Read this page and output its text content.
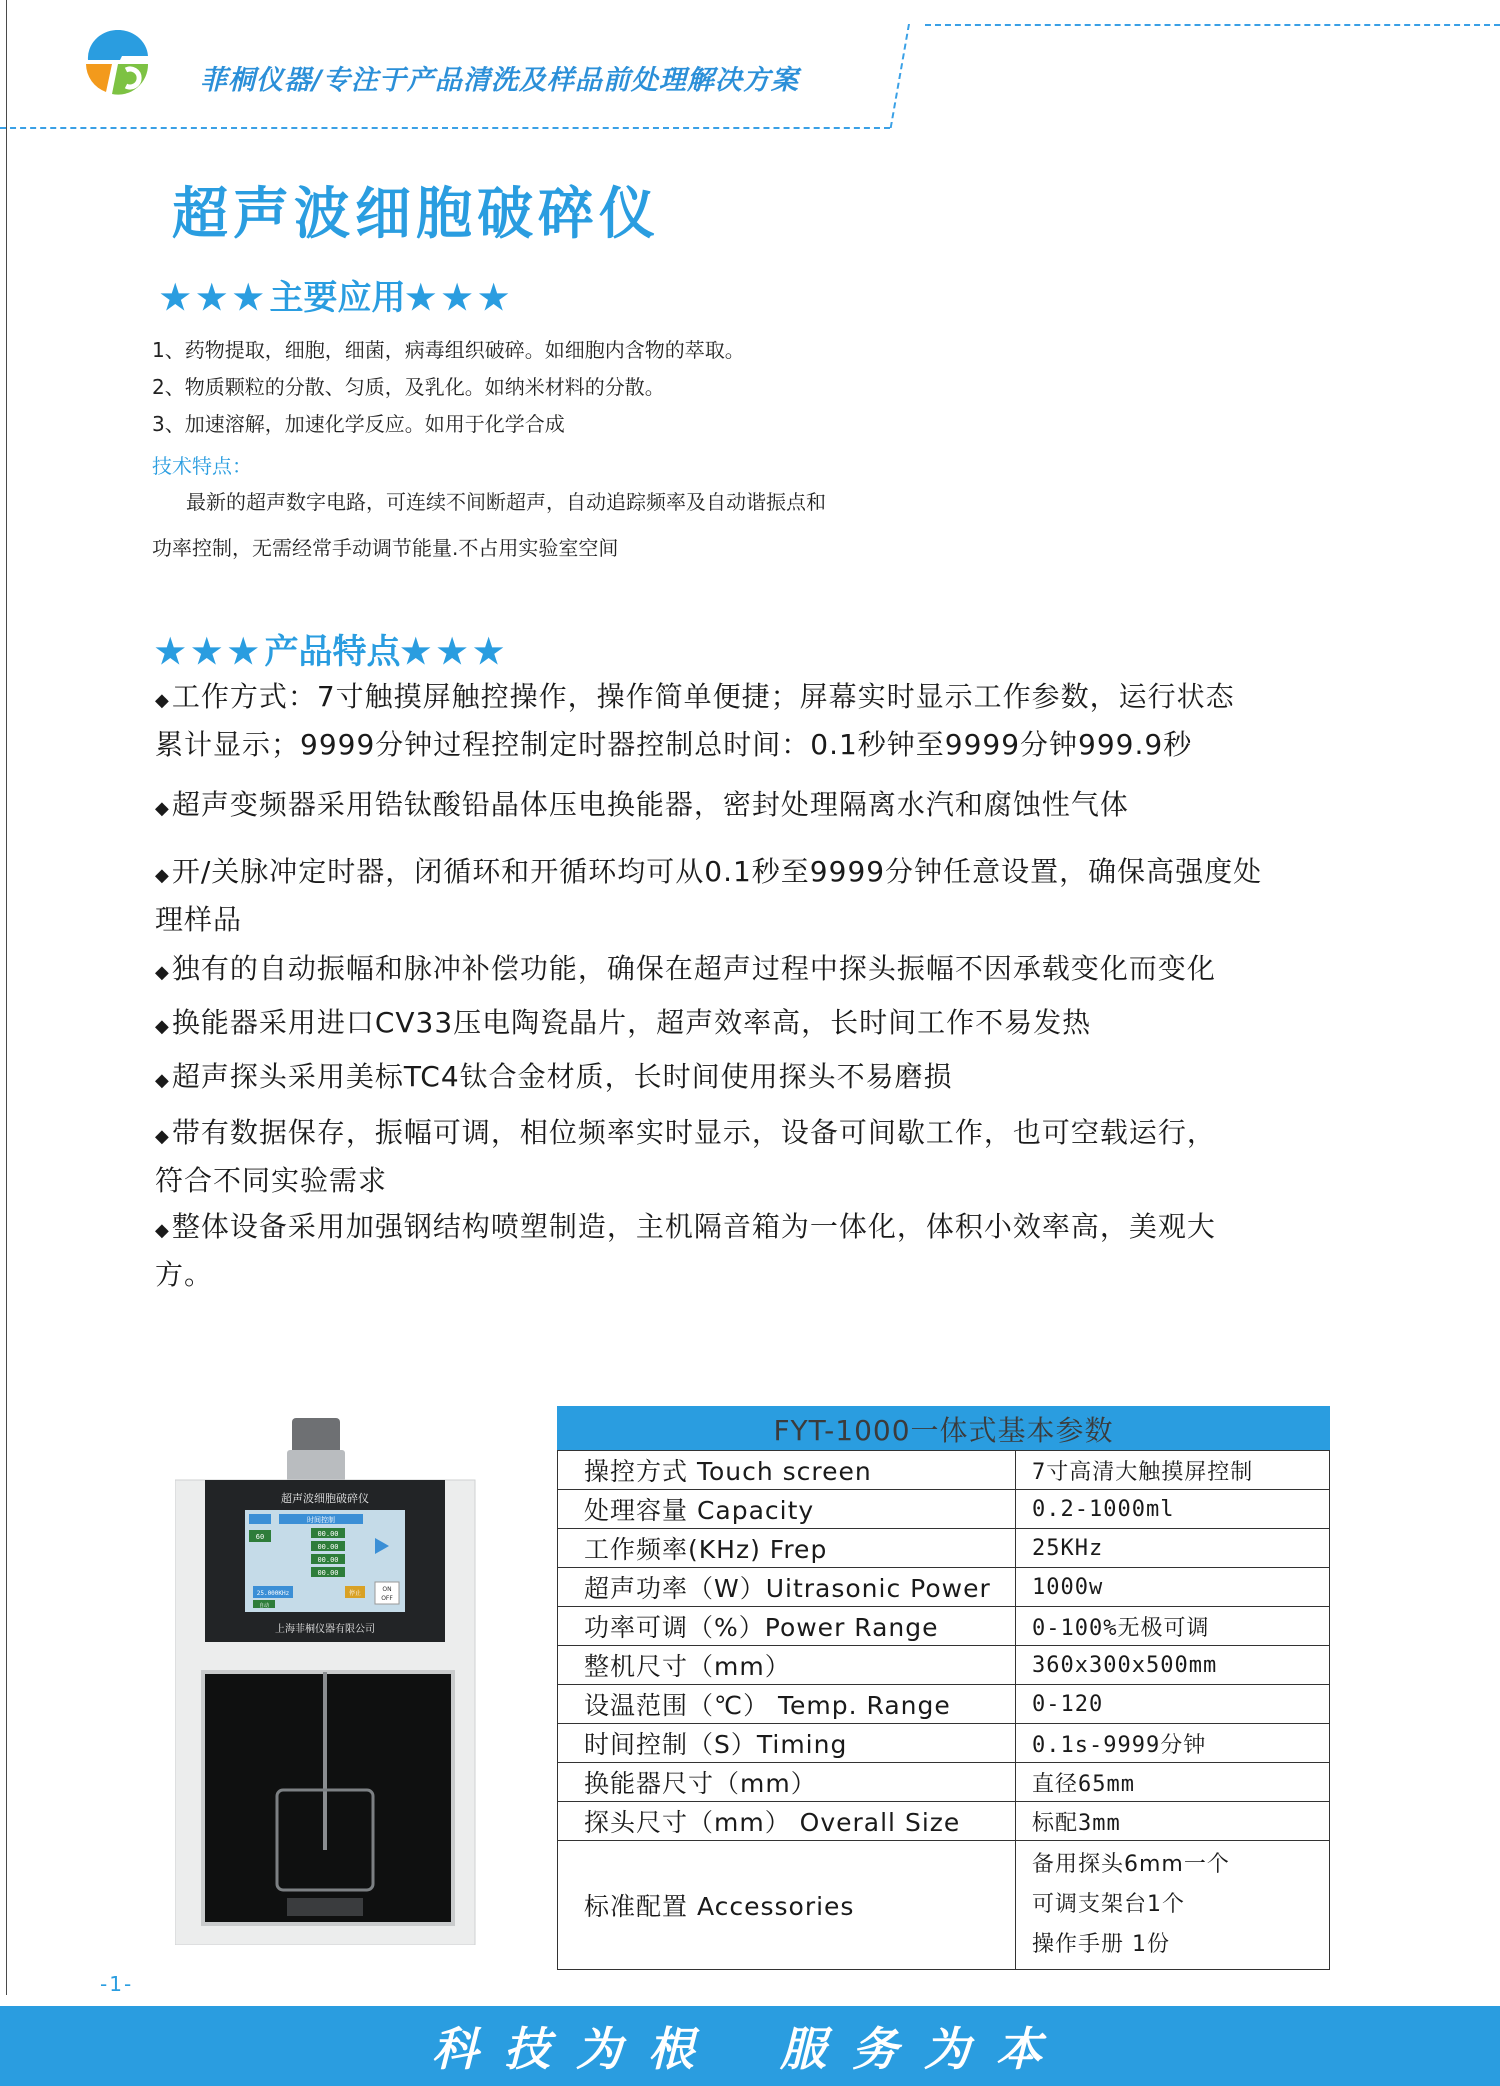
菲桐仪器/专注于产品清洗及样品前处理解决方案
超声波细胞破碎仪
★★★主要应用★★★
1、药物提取，细胞，细菌，病毒组织破碎。如细胞内含物的萃取。
2、物质颗粒的分散、匀质，及乳化。如纳米材料的分散。
3、加速溶解，加速化学反应。如用于化学合成
技术特点：
最新的超声数字电路，可连续不间断超声，自动追踪频率及自动谐振点和
功率控制，无需经常手动调节能量.不占用实验室空间
★★★产品特点★★★
◆工作方式：7寸触摸屏触控操作，操作简单便捷；屏幕实时显示工作参数，运行状态
累计显示；9999分钟过程控制定时器控制总时间：0.1秒钟至9999分钟999.9秒
◆超声变频器采用锆钛酸铅晶体压电换能器，密封处理隔离水汽和腐蚀性气体
◆开/关脉冲定时器，闭循环和开循环均可从0.1秒至9999分钟任意设置，确保高强度处
理样品
◆独有的自动振幅和脉冲补偿功能，确保在超声过程中探头振幅不因承载变化而变化
◆换能器采用进口CV33压电陶瓷晶片，超声效率高，长时间工作不易发热
◆超声探头采用美标TC4钛合金材质，长时间使用探头不易磨损
◆带有数据保存，振幅可调，相位频率实时显示，设备可间歇工作，也可空载运行，
符合不同实验需求
◆整体设备采用加强钢结构喷塑制造，主机隔音箱为一体化，体积小效率高，美观大
方。
超声波细胞破碎仪
时间控制
60	00.00
00.00
00.00
00.00
25.000KHz
自动
停止
ON
OFF
上海菲桐仪器有限公司
FYT-1000一体式基本参数
操控方式 Touch screen	7寸高清大触摸屏控制
处理容量 Capacity	0.2-1000ml
工作频率(KHz) Frep	25KHz
超声功率（W）Uitrasonic Power	1000w
功率可调（%）Power Range	0-100%无极可调
整机尺寸（mm）	360x300x500mm
设温范围（℃） Temp. Range	0-120
时间控制（S）Timing	0.1s-9999分钟
换能器尺寸（mm）	直径65mm
探头尺寸（mm） Overall Size	标配3mm
标准配置 Accessories	备用探头6mm一个
可调支架台1个
操作手册 1份
-1-
科技为根 服务为本
